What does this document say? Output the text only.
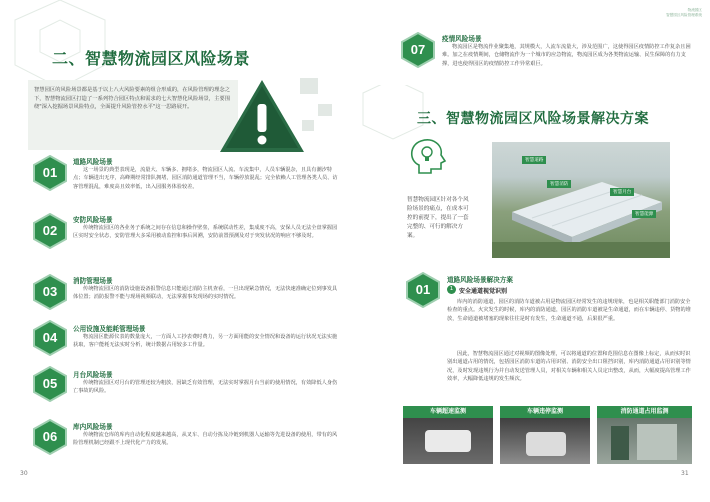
二、智慧物流园区风险场景
智慧园区的风险场景都是基于以上八大风险要素的组合形成的，在风险管理的理念之下，智慧物流园区打造了一系列符合园区特点和需求的七大智慧化风险场景，主要围绕"深入挖掘场景风险特点，全面提升风险管控水平"这一思路展开。
01
道路风险场景
这一场景的典型表现是，流量大、车辆多、拥堵多，物流园区人流、车流集中，人员车辆混杂，且具有潮汐特点；车辆进出无序，高峰期经常排队拥堵，园区消防通道管理不当，车辆停放混乱；完全依赖人工管理各类人员、访客管理混乱，难度高且效率低，出入园服务体验较差。
02
安防风险场景
传统物流园区的各业务子系统之间存在信息和操作壁垒，系统联动性差，集成度不高，安保人员无法全盘掌握园区实时安全状态，安防管理大多采用被动监控和事后回溯，安防前置预测及对于突发状况的响应不够及时。
03
消防管理场景
传统物流园区的消防设施设备报警信息只能通过消防主机查看，一旦出现紧急情况，无法快速准确定位到事发具体位置；消防报警不能与现场视频联动，无法掌握事发现场的实时情况。
04
公用设施及能耗管理场景
物流园区能源仪表的数量庞大，一方面人工抄表费时费力，另一方面用能的安全情况和设备的运行状况无法实施获取，客户能耗无法实时分析，统计数据占用较多工作量。
05
月台风险场景
传统物流园区对月台的管理还较为粗放，因缺乏有效管理，无法实时掌握月台当前的使用情况，有效降低人身伤亡事故的风险。
06
库内风险场景
传统物流仓库的库内自动化程度越来越高，从叉车、自动分拣及冷链到机器人运输等先进设备的使用，带有的风险管理机制已经跟不上现代化产力的发展。
30
物流园区
智慧园区风险管理系统
07
疫情风险场景
物流园区是物流作业聚集地，其规模大，人流车流量大，涉及范围广，这使得园区疫情防控工作复杂且困难。加之在疫情期间，仓储物流作为一个城市的应急物流，物流园区成为各类物流运输、民生保障的有力支撑，进也使得园区的疫情防控工作异常艰巨。
三、智慧物流园区风险场景解决方案
智慧物流园区针对各个风险场景的痛点，在成本可控的前提下，提出了一套完整的、可行的解决方案。
智慧道路
智慧消防
智慧月台
智慧能源
01
道路风险场景解决方案
1 安全通道视觉识别
库内的消防通道，园区的消防车道被占用是物流园区经常发生的违规现象，也是相关职能部门消防安全检查的重点。火灾发生的时候，库内的消防通道，园区的消防车道被是生命通道，而在车辆违停、货物的堆放，生命通道被堵塞的现象往往是时有发生，生命通道不通，后果很严重。
因此，智慧物流园区通过对视频的图像处理，可以将通道的位置和范围信息在图像上标定，从而实时识别出通道占用的情况，包括园区消防车道的占用识别、消防安全出口阻挡识别，库内消防通道占用识别等情况，及时发现违规行为并自动发送管理人员，对相关车辆和相关人员定出整改，从而，大幅度提高管理工作效率，大幅降低违规的发生频次。
车辆超速监测	车辆违停监测	消防通道占用监测
31
